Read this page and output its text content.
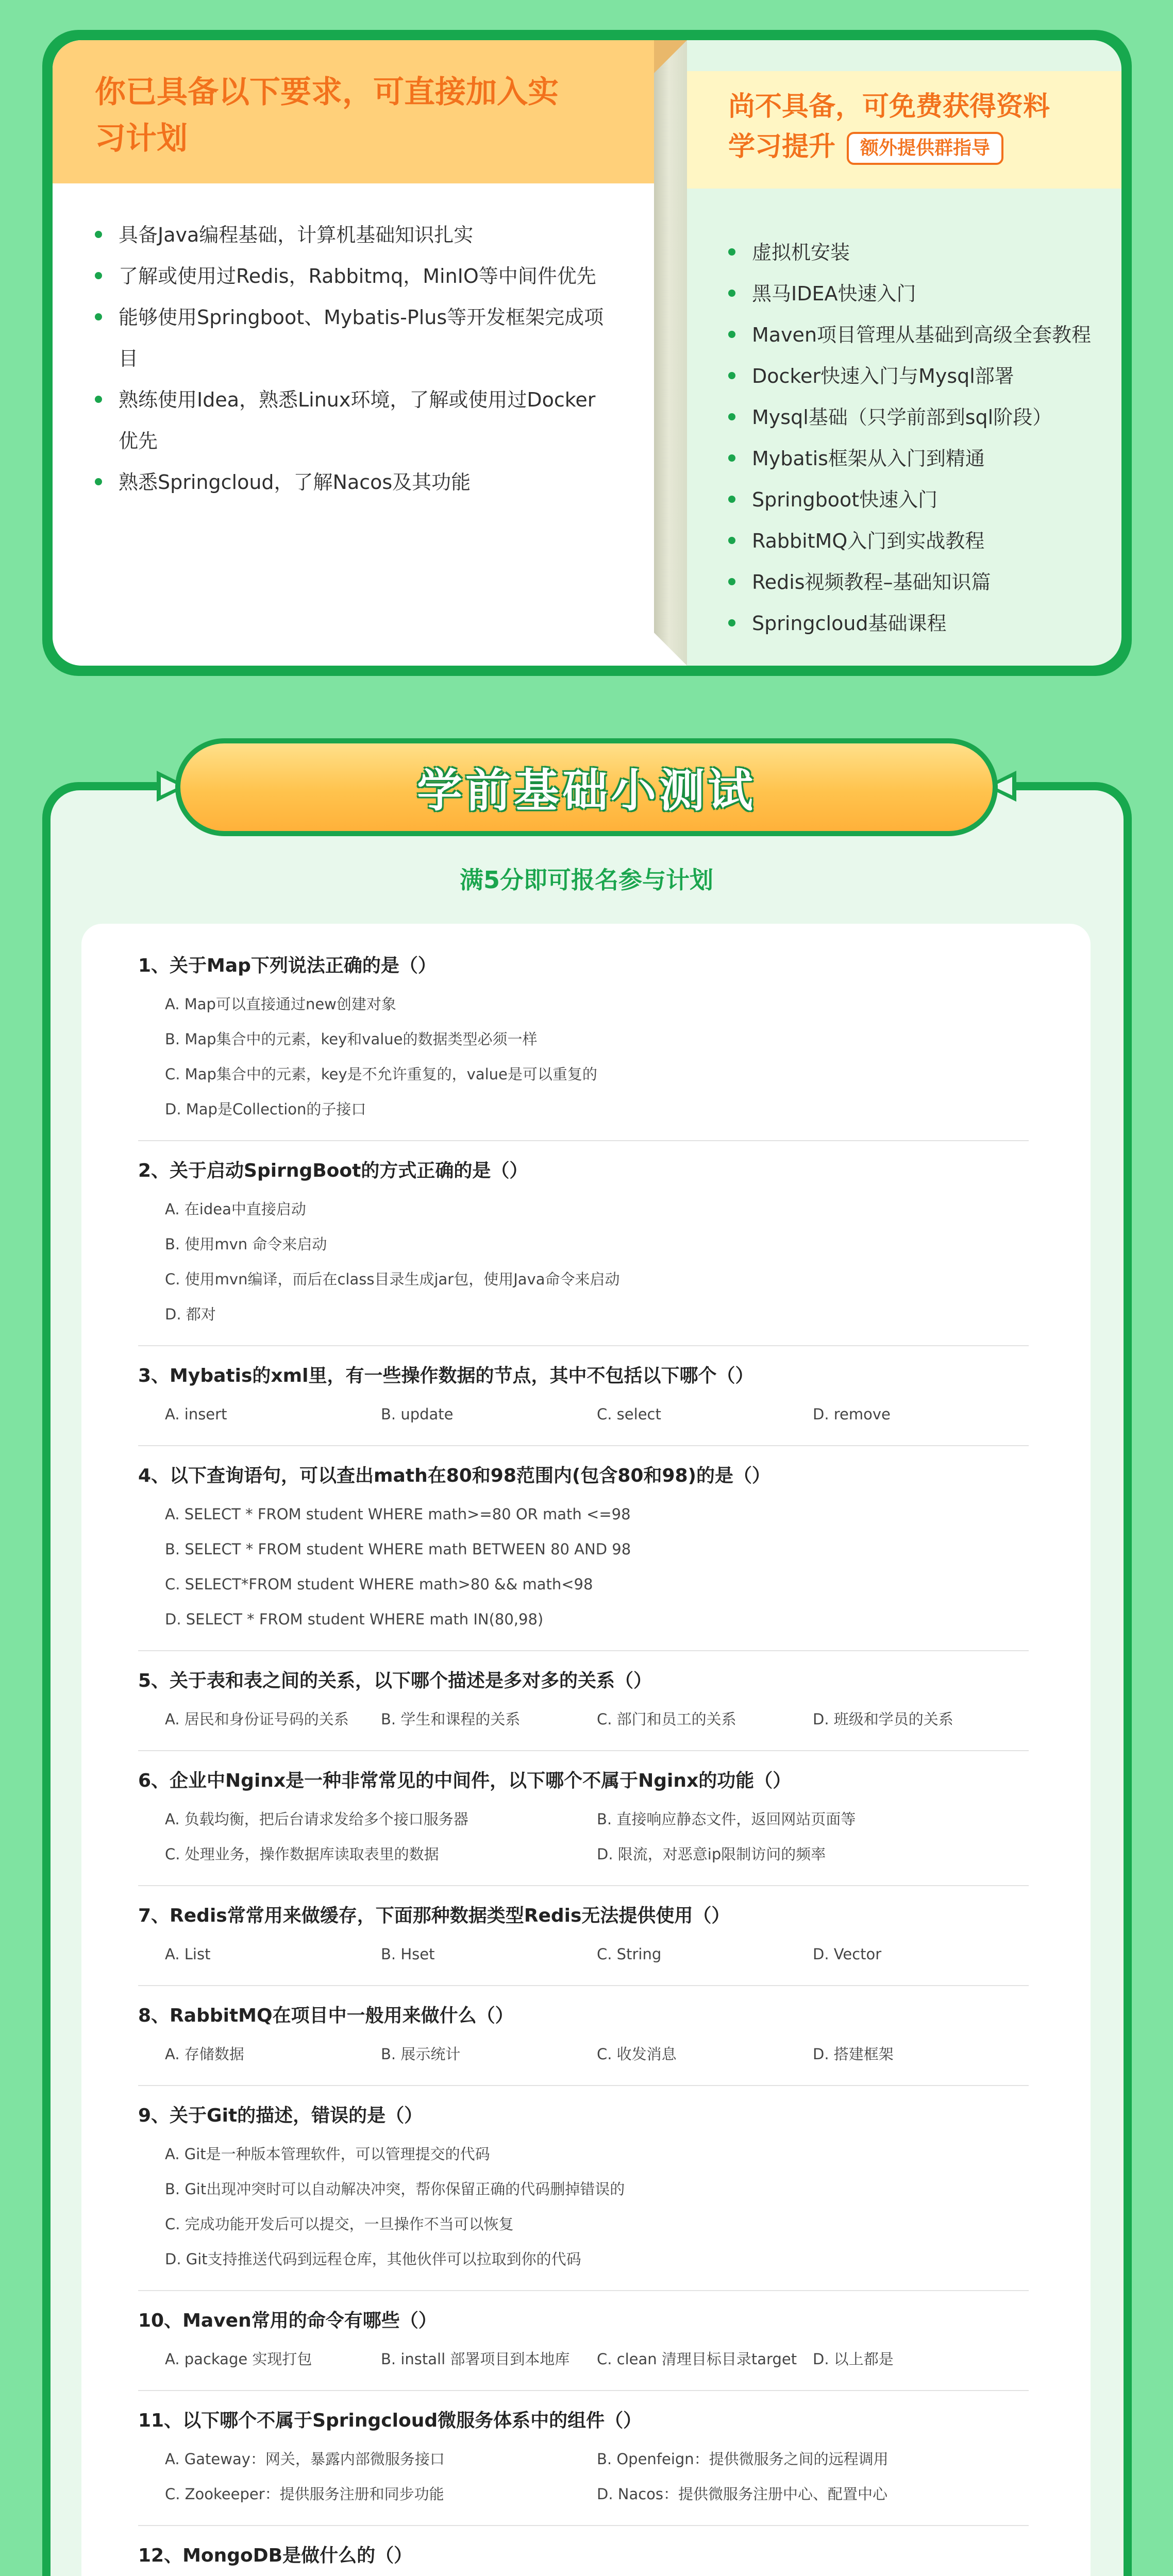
你已具备以下要求，可直接加入实习计划
具备Java编程基础，计算机基础知识扎实
了解或使用过Redis，Rabbitmq，MinIO等中间件优先
能够使用Springboot、Mybatis-Plus等开发框架完成项目
熟练使用Idea，熟悉Linux环境，了解或使用过Docker优先
熟悉Springcloud，了解Nacos及其功能
尚不具备，可免费获得资料
学习提升 额外提供群指导
虚拟机安装
黑马IDEA快速入门
Maven项目管理从基础到高级全套教程
Docker快速入门与Mysql部署
Mysql基础（只学前部到sql阶段）
Mybatis框架从入门到精通
Springboot快速入门
RabbitMQ入门到实战教程
Redis视频教程–基础知识篇
Springcloud基础课程
学前基础小测试
满5分即可报名参与计划
1、关于Map下列说法正确的是（）
A. Map可以直接通过new创建对象
B. Map集合中的元素，key和value的数据类型必须一样
C. Map集合中的元素，key是不允许重复的，value是可以重复的
D. Map是Collection的子接口
2、关于启动SpirngBoot的方式正确的是（）
A. 在idea中直接启动
B. 使用mvn 命令来启动
C. 使用mvn编译，而后在class目录生成jar包，使用Java命令来启动
D. 都对
3、Mybatis的xml里，有一些操作数据的节点，其中不包括以下哪个（）
A. insert	B. update	C. select	D. remove
4、以下查询语句，可以查出math在80和98范围内(包含80和98)的是（）
A. SELECT * FROM student WHERE math>=80 OR math <=98
B. SELECT * FROM student WHERE math BETWEEN 80 AND 98
C. SELECT*FROM student WHERE math>80 && math<98
D. SELECT * FROM student WHERE math IN(80,98)
5、关于表和表之间的关系，以下哪个描述是多对多的关系（）
A. 居民和身份证号码的关系	B. 学生和课程的关系	C. 部门和员工的关系	D. 班级和学员的关系
6、企业中Nginx是一种非常常见的中间件，以下哪个不属于Nginx的功能（）
A. 负载均衡，把后台请求发给多个接口服务器	B. 直接响应静态文件，返回网站页面等
C. 处理业务，操作数据库读取表里的数据	D. 限流，对恶意ip限制访问的频率
7、Redis常常用来做缓存，下面那种数据类型Redis无法提供使用（）
A. List	B. Hset	C. String	D. Vector
8、RabbitMQ在项目中一般用来做什么（）
A. 存储数据	B. 展示统计	C. 收发消息	D. 搭建框架
9、关于Git的描述，错误的是（）
A. Git是一种版本管理软件，可以管理提交的代码
B. Git出现冲突时可以自动解决冲突，帮你保留正确的代码删掉错误的
C. 完成功能开发后可以提交，一旦操作不当可以恢复
D. Git支持推送代码到远程仓库，其他伙伴可以拉取到你的代码
10、Maven常用的命令有哪些（）
A. package 实现打包	B. install 部署项目到本地库	C. clean 清理目标目录target	D. 以上都是
11、以下哪个不属于Springcloud微服务体系中的组件（）
A. Gateway：网关，暴露内部微服务接口	B. Openfeign：提供微服务之间的远程调用
C. Zookeeper：提供服务注册和同步功能	D. Nacos：提供微服务注册中心、配置中心
12、MongoDB是做什么的（）
